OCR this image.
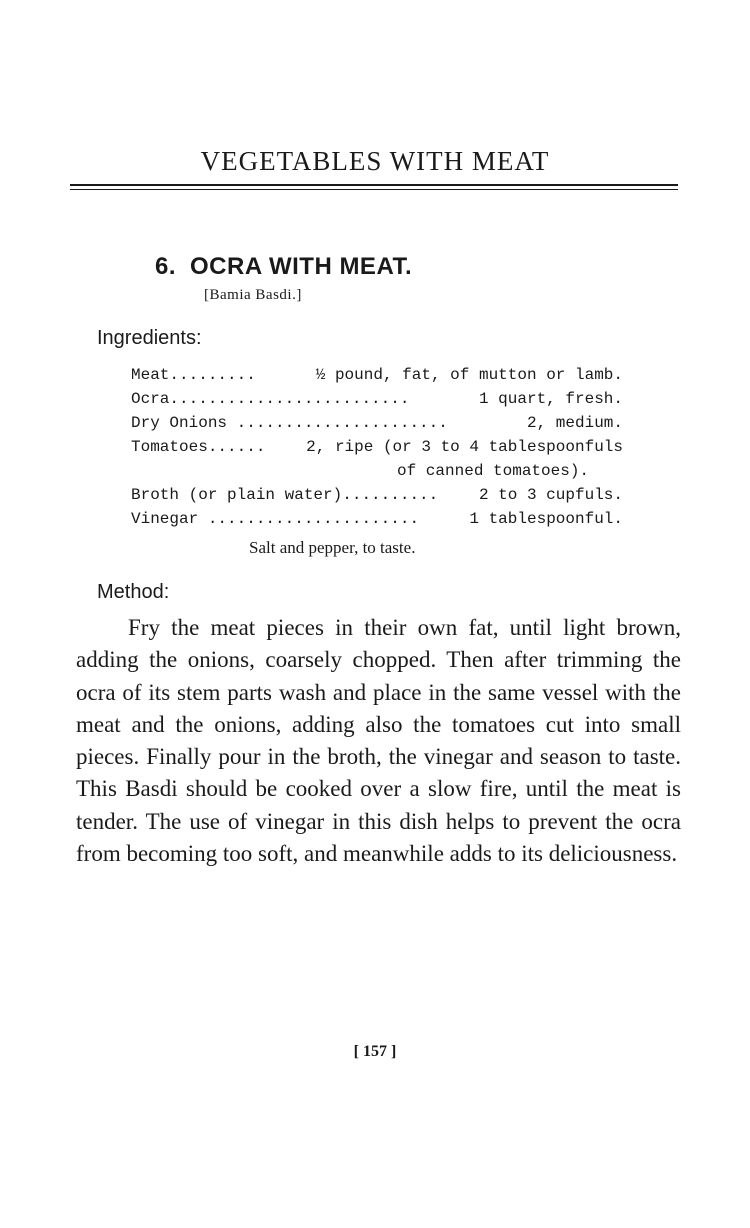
VEGETABLES WITH MEAT
6. OCRA WITH MEAT.
[Bamia Basdi.]
Ingredients:
Meat.........	½ pound, fat, of mutton or lamb.
Ocra.........................	1 quart, fresh.
Dry Onions ......................	2, medium.
Tomatoes......	2, ripe (or 3 to 4 tablespoonfuls
of canned tomatoes).
Broth (or plain water)..........	2 to 3 cupfuls.
Vinegar ......................	1 tablespoonful.
Salt and pepper, to taste.
Method:

Fry the meat pieces in their own fat, until light brown, adding the onions, coarsely chopped. Then after trimming the ocra of its stem parts wash and place in the same vessel with the meat and the onions, adding also the tomatoes cut into small pieces. Finally pour in the broth, the vinegar and season to taste. This Basdi should be cooked over a slow fire, until the meat is tender. The use of vinegar in this dish helps to prevent the ocra from becoming too soft, and meanwhile adds to its deliciousness.

[ 157 ]
